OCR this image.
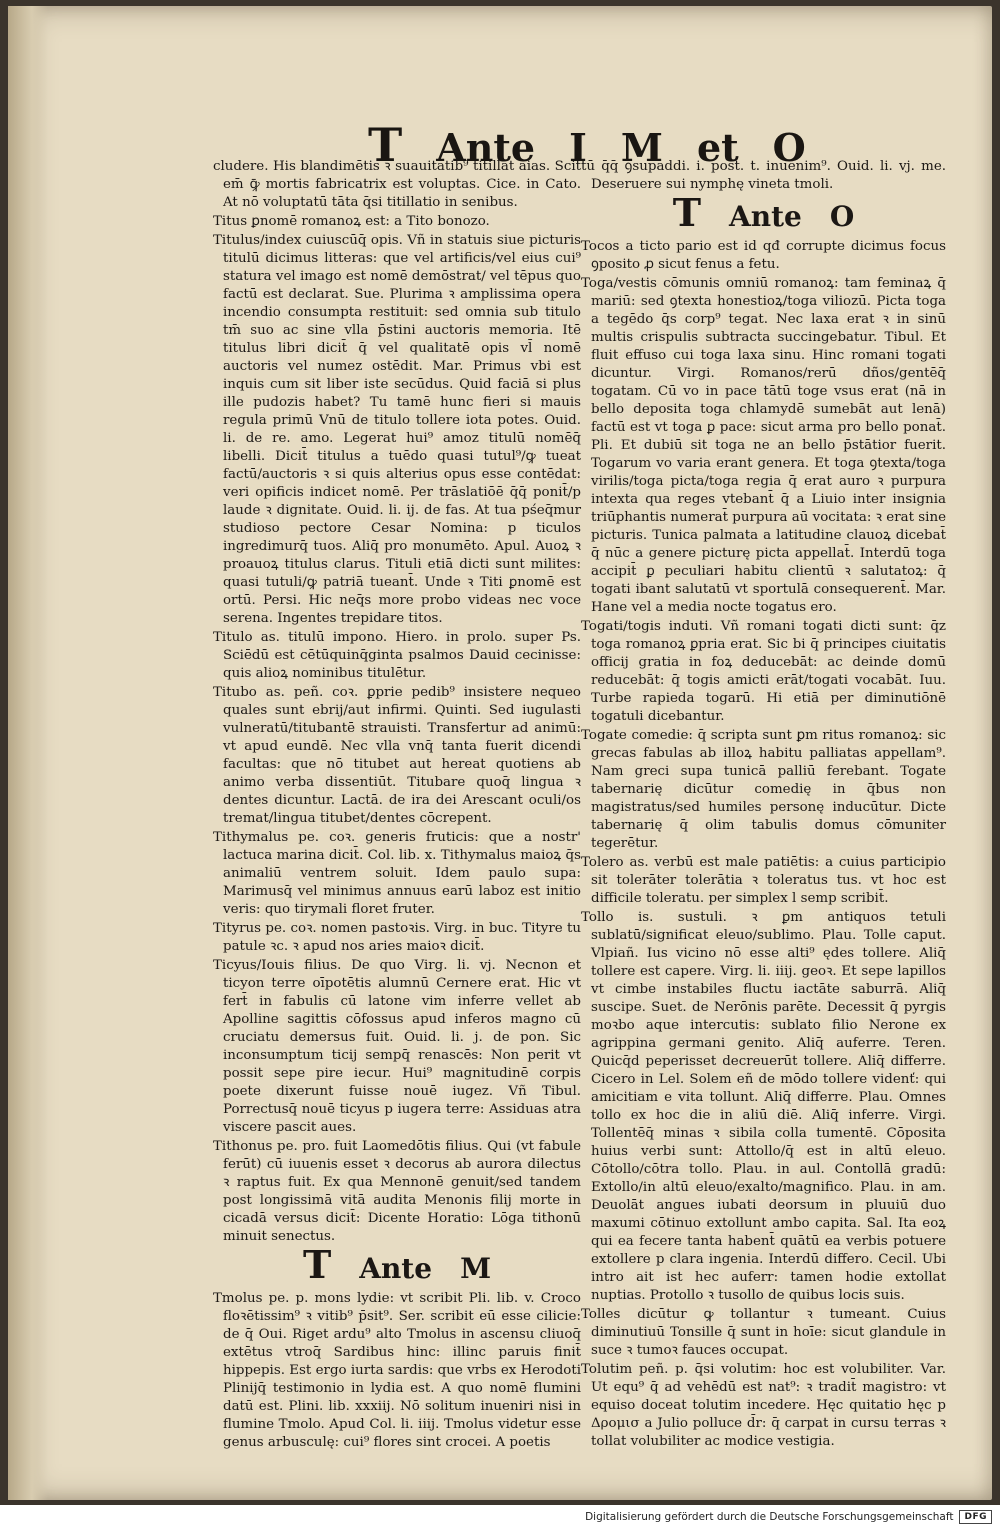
T Ante I M et O

cludere. His blandimētis ꝛ suauitatib⁹ titillat aias. Scit em̄ ꝙ̄ mortis fabricatrix est voluptas. Cice. in Cato. At nō voluptatū tāta q̄si titillatio in senibus.

Titus ꝑnomē romanoꝝ est: a Tito bonozo.

Titulus/index cuiuscūq̄ opis. Vñ in statuis siue picturis titulū dicimus litteras: que vel artificis/vel eius cui⁹ statura vel imago est nomē demōstrat/ vel tēpus quo factū est declarat. Sue. Plurima ꝛ amplissima opera incendio consumpta restituit: sed omnia sub titulo tm̄ suo ac sine vlla p̄stini auctoris memoria. Itē titulus libri dicit̄ q̄ vel qualitatē opis vl̄ nomē auctoris vel numez ostēdit. Mar. Primus vbi est inquis cum sit liber iste secūdus. Quid faciā si plus ille pudozis habet? Tu tamē hunc fieri si mauis regula primū Vnū de titulo tollere iota potes. Ouid. li. de re. amo. Legerat hui⁹ amoz titulū nomēq̄ libelli. Dicit̄ titulus a tuēdo quasi tutul⁹/ꝙ tueat factū/auctoris ꝛ si quis alterius opus esse contēdat: veri opificis indicet nomē. Per trāslatiōē q̄q̄ ponit̄/p laude ꝛ dignitate. Ouid. li. ij. de fas. At tua pśeq̄mur studioso pectore Cesar Nomina: p ticulos ingredimurq̄ tuos. Aliq̄ pro monumēto. Apul. Auoꝝ ꝛ proauoꝝ titulus clarus. Tituli etiā dicti sunt milites: quasi tutuli/ꝙ patriā tueant̄. Unde ꝛ Titi ꝑnomē est ortū. Persi. Hic neq̄s more probo videas nec voce serena. Ingentes trepidare titos.

Titulo as. titulū impono. Hiero. in prolo. super Ps. Sciēdū est cētūquinq̄ginta psalmos Dauid cecinisse: quis alioꝝ nominibus titulētur.

Titubo as. peñ. coꝛ. ꝑprie pedib⁹ insistere nequeo quales sunt ebrij/aut infirmi. Quinti. Sed iugulasti vulneratū/titubantē strauisti. Transfertur ad animū: vt apud eundē. Nec vlla vnq̄ tanta fuerit dicendi facultas: que nō titubet aut hereat quotiens ab animo verba dissentiūt. Titubare quoq̄ lingua ꝛ dentes dicuntur. Lactā. de ira dei Arescant oculi/os tremat/lingua titubet/dentes cōcrepent.

Tithymalus pe. coꝛ. generis fruticis: que a nostr' lactuca marina dicit̄. Col. lib. x. Tithymalus maioꝝ q̄s animaliū ventrem soluit. Idem paulo supa: Marimusq̄ vel minimus annuus earū laboz est initio veris: quo tirymali floret fruter.

Tityrus pe. coꝛ. nomen pastoꝛis. Virg. in buc. Tityre tu patule ꝛc. ꝛ apud nos aries maioꝛ dicit̄.

Ticyus/Iouis filius. De quo Virg. li. vj. Necnon et ticyon terre oīpotētis alumnū Cernere erat. Hic vt fert̄ in fabulis cū latone vim inferre vellet ab Apolline sagittis cōfossus apud inferos magno cū cruciatu demersus fuit. Ouid. li. j. de pon. Sic inconsumptum ticij sempq̄ renascēs: Non perit vt possit sepe pire iecur. Hui⁹ magnitudinē corpis poete dixerunt fuisse nouē iugez. Vñ Tibul. Porrectusq̄ nouē ticyus p iugera terre: Assiduas atra viscere pascit aues.

Tithonus pe. pro. fuit Laomedōtis filius. Qui (vt fabule ferūt) cū iuuenis esset ꝛ decorus ab aurora dilectus ꝛ raptus fuit. Ex qua Mennonē genuit/sed tandem post longissimā vitā audita Menonis filij morte in cicadā versus dicit̄: Dicente Horatio: Lōga tithonū minuit senectus.

T Ante M

Tmolus pe. p. mons lydie: vt scribit Pli. lib. v. Croco floꝛētissim⁹ ꝛ vitib⁹ p̄sit⁹. Ser. scribit eū esse cilicie: de q̄ Oui. Riget ardu⁹ alto Tmolus in ascensu cliuoq̄ extētus vtroq̄ Sardibus hinc: illinc paruis finit̄ hippepis. Est ergo iurta sardis: que vrbs ex Herodoti Plinijq̄ testimonio in lydia est. A quo nomē flumini datū est. Plini. lib. xxxiij. Nō solitum inueniri nisi in flumine Tmolo. Apud Col. li. iiij. Tmolus videtur esse genus arbusculę: cui⁹ flores sint crocei. A poetis

tū q̄q̄ ꝯsupaddi. i. post. t. inuenim⁹. Ouid. li. vj. me. Deseruere sui nymphę vineta tmoli.

T Ante O

Tocos a ticto pario est id qđ corrupte dicimus focus ꝯposito ꝓ sicut fenus a fetu.

Toga/vestis cōmunis omniū romanoꝝ: tam feminaꝝ q̄ mariū: sed ꝯtexta honestioꝝ/toga viliozū. Picta toga a tegēdo q̄s corp⁹ tegat. Nec laxa erat ꝛ in sinū multis crispulis subtracta succingebatur. Tibul. Et fluit effuso cui toga laxa sinu. Hinc romani togati dicuntur. Virgi. Romanos/rerū dños/gentēq̄ togatam. Cū vo in pace tātū toge vsus erat (nā in bello deposita toga chlamydē sumebāt aut lenā) factū est vt toga ꝑ pace: sicut arma pro bello ponat̄. Pli. Et dubiū sit toga ne an bello p̄stātior fuerit. Togarum vo varia erant genera. Et toga ꝯtexta/toga virilis/toga picta/toga regia q̄ erat auro ꝛ purpura intexta qua reges vtebant̄ q̄ a Liuio inter insignia triūphantis numerat̄ purpura aū vocitata: ꝛ erat sine picturis. Tunica palmata a latitudine clauoꝝ dicebat̄ q̄ nūc a genere picturę picta appellat̄. Interdū toga accipit̄ ꝑ peculiari habitu clientū ꝛ salutatoꝝ: q̄ togati ibant salutatū vt sportulā consequerent̄. Mar. Hane vel a media nocte togatus ero.

Togati/togis induti. Vñ romani togati dicti sunt: q̄z toga romanoꝝ ꝑpria erat. Sic bi q̄ principes ciuitatis officij gratia in foꝝ deducebāt: ac deinde domū reducebāt: q̄ togis amicti erāt/togati vocabāt. Iuu. Turbe rapieda togarū. Hi etiā per diminutiōnē togatuli dicebantur.

Togate comedie: q̄ scripta sunt ꝑm ritus romanoꝝ: sic grecas fabulas ab illoꝝ habitu palliatas appellam⁹. Nam greci supa tunicā palliū ferebant. Togate tabernarię dicūtur comedię in q̄bus non magistratus/sed humiles personę inducūtur. Dicte tabernarię q̄ olim tabulis domus cōmuniter tegerētur.

Tolero as. verbū est male patiētis: a cuius participio sit tolerāter tolerātia ꝛ toleratus tus. vt hoc est difficile toleratu. per simplex l semp scribit̄.

Tollo is. sustuli. ꝛ ꝑm antiquos tetuli sublatū/significat eleuo/sublimo. Plau. Tolle caput. Vlpiañ. Ius vicino nō esse alti⁹ ędes tollere. Aliq̄ tollere est capere. Virg. li. iiij. geoꝛ. Et sepe lapillos vt cimbe instabiles fluctu iactāte saburrā. Aliq̄ suscipe. Suet. de Nerōnis parēte. Decessit q̄ pyrgis moꝛbo aque intercutis: sublato filio Nerone ex agrippina germani genito. Aliq̄ auferre. Teren. Quicq̄d peperisset decreuerūt tollere. Aliq̄ differre. Cicero in Lel. Solem eñ de mōdo tollere videnť: qui amicitiam e vita tollunt. Aliq̄ differre. Plau. Omnes tollo ex hoc die in aliū diē. Aliq̄ inferre. Virgi. Tollentēq̄ minas ꝛ sibila colla tumentē. Cōposita huius verbi sunt: Attollo/q̄ est in altū eleuo. Cōtollo/cōtra tollo. Plau. in aul. Contollā gradū: Extollo/in altū eleuo/exalto/magnifico. Plau. in am. Deuolāt angues iubati deorsum in pluuiū duo maxumi cōtinuo extollunt ambo capita. Sal. Ita eoꝝ qui ea fecere tanta habent̄ quātū ea verbis potuere extollere p clara ingenia. Interdū differo. Cecil. Ubi intro ait ist hec auferr: tamen hodie extollat nuptias. Protollo ꝛ tusollo de quibus locis suis.

Tolles dicūtur ꝙ tollantur ꝛ tumeant. Cuius diminutiuū Tonsille q̄ sunt in hoīe: sicut glandule in suce ꝛ tumoꝛ fauces occupat.

Tolutim peñ. p. q̄si volutim: hoc est volubiliter. Var. Ut equ⁹ q̄ ad vehēdū est nat⁹: ꝛ tradit̄ magistro: vt equiso doceat tolutim incedere. Hęc quitatio hęc p Δρομισ a Julio polluce d̄r: q̄ carpat in cursu terras ꝛ tollat volubiliter ac modice vestigia.

Digitalisierung gefördert durch die Deutsche Forschungsgemeinschaft	DFG
